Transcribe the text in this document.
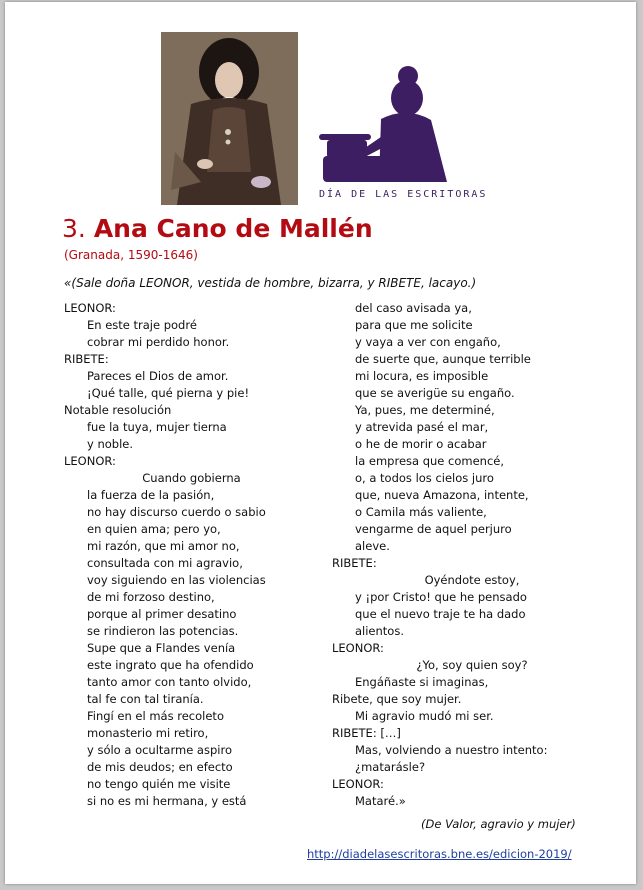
DÍA DE LAS ESCRITORAS
3. Ana Cano de Mallén
(Granada, 1590-1646)
«(Sale doña LEONOR, vestida de hombre, bizarra, y RIBETE, lacayo.)
LEONOR:
En este traje podré
cobrar mi perdido honor.
RIBETE:
Pareces el Dios de amor.
¡Qué talle, qué pierna y pie!
Notable resolución
fue la tuya, mujer tierna
y noble.
LEONOR:
Cuando gobierna
la fuerza de la pasión,
no hay discurso cuerdo o sabio
en quien ama; pero yo,
mi razón, que mi amor no,
consultada con mi agravio,
voy siguiendo en las violencias
de mi forzoso destino,
porque al primer desatino
se rindieron las potencias.
Supe que a Flandes venía
este ingrato que ha ofendido
tanto amor con tanto olvido,
tal fe con tal tiranía.
Fingí en el más recoleto
monasterio mi retiro,
y sólo a ocultarme aspiro
de mis deudos; en efecto
no tengo quién me visite
si no es mi hermana, y está
del caso avisada ya,
para que me solicite
y vaya a ver con engaño,
de suerte que, aunque terrible
mi locura, es imposible
que se averigüe su engaño.
Ya, pues, me determiné,
y atrevida pasé el mar,
o he de morir o acabar
la empresa que comencé,
o, a todos los cielos juro
que, nueva Amazona, intente,
o Camila más valiente,
vengarme de aquel perjuro
aleve.
RIBETE:
Oyéndote estoy,
y ¡por Cristo! que he pensado
que el nuevo traje te ha dado
alientos.
LEONOR:
¿Yo, soy quien soy?
Engáñaste si imaginas,
Ribete, que soy mujer.
Mi agravio mudó mi ser.
RIBETE: […]
Mas, volviendo a nuestro intento:
¿matarásle?
LEONOR:
Mataré.»
(De Valor, agravio y mujer)
http://diadelasescritoras.bne.es/edicion-2019/
